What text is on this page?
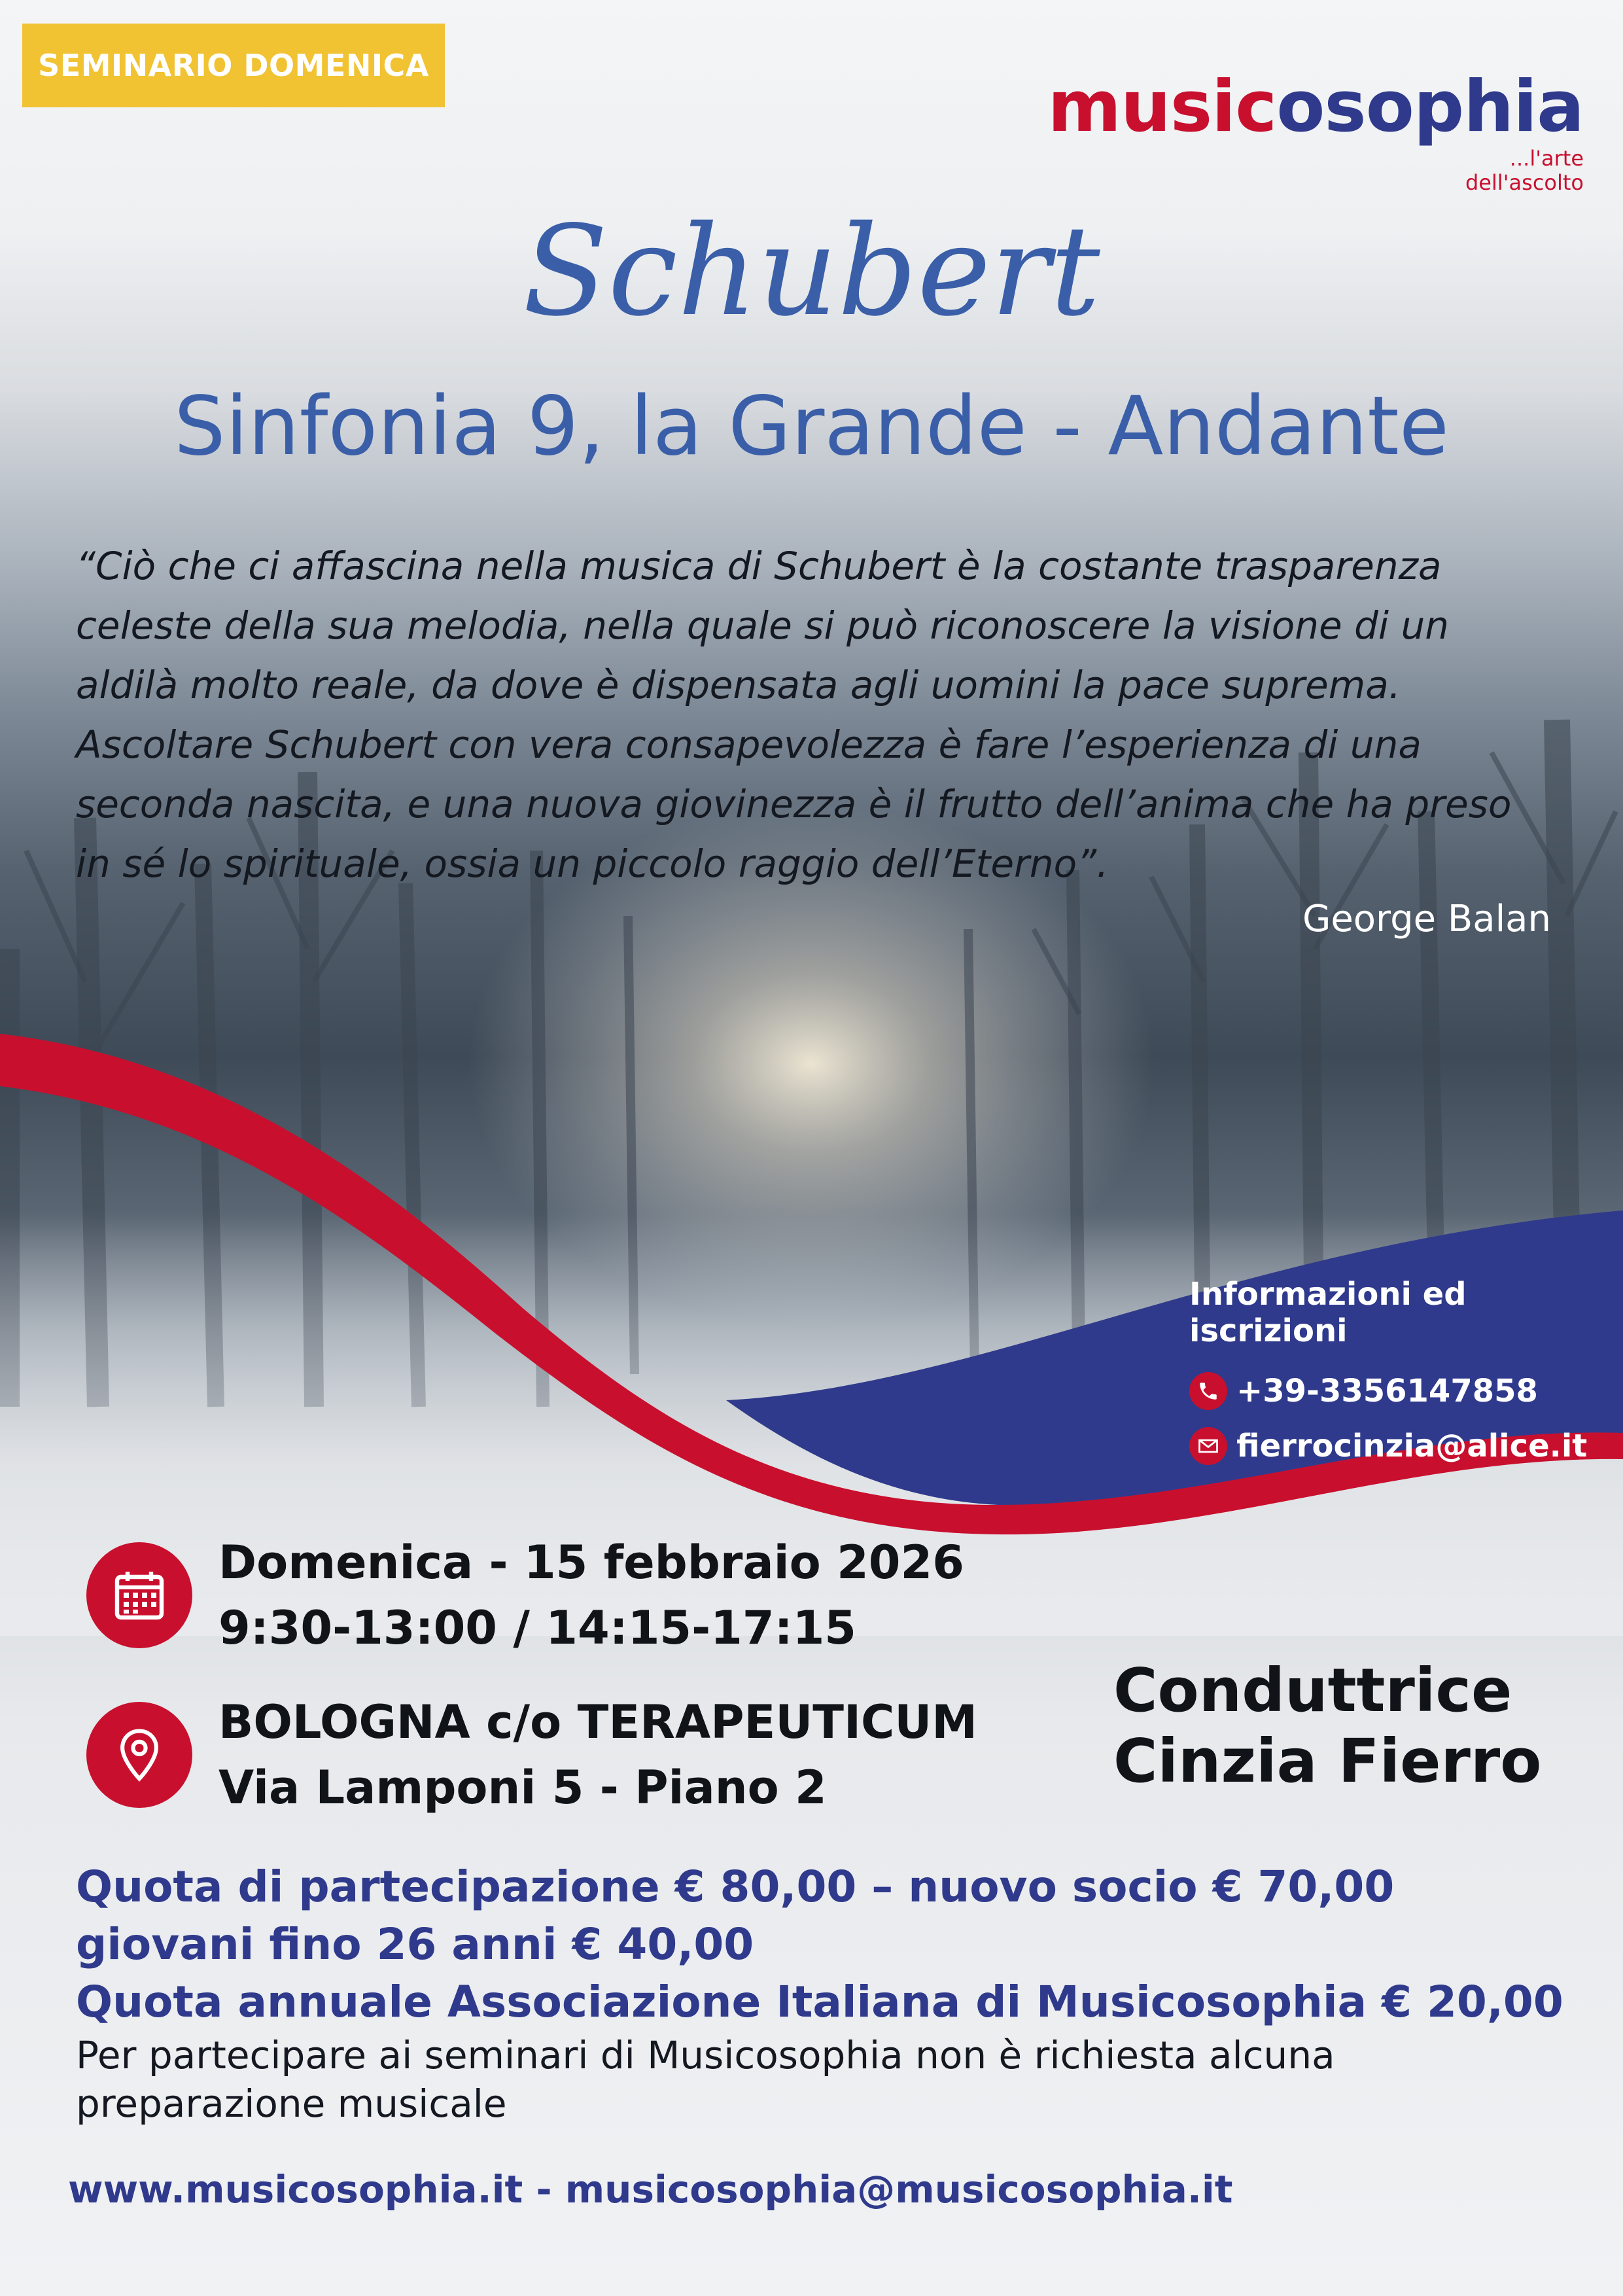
SEMINARIO DOMENICA
musicosophia
...l'arte
dell'ascolto
Schubert
Sinfonia 9, la Grande - Andante
“Ciò che ci affascina nella musica di Schubert è la costante trasparenza
celeste della sua melodia, nella quale si può riconoscere la visione di un
aldilà molto reale, da dove è dispensata agli uomini la pace suprema.
Ascoltare Schubert con vera consapevolezza è fare l’esperienza di una
seconda nascita, e una nuova giovinezza è il frutto dell’anima che ha preso
in sé lo spirituale, ossia un piccolo raggio dell’Eterno”.
George Balan
Informazioni ed iscrizioni
+39-3356147858
fierrocinzia@alice.it
Domenica - 15 febbraio 2026
9:30-13:00 / 14:15-17:15
BOLOGNA c/o TERAPEUTICUM
Via Lamponi 5 - Piano 2
Conduttrice
Cinzia Fierro
Quota di partecipazione € 80,00 – nuovo socio € 70,00
giovani fino 26 anni € 40,00
Quota annuale Associazione Italiana di Musicosophia € 20,00
Per partecipare ai seminari di Musicosophia non è richiesta alcuna
preparazione musicale
www.musicosophia.it - musicosophia@musicosophia.it
